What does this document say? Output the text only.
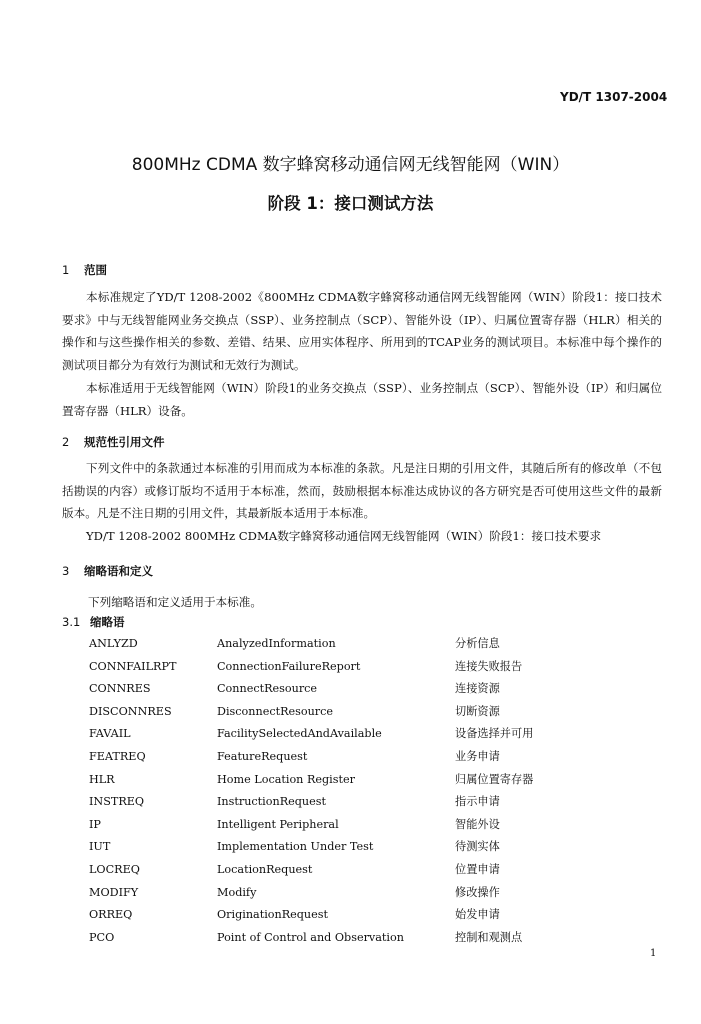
YD/T 1307-2004
800MHz CDMA 数字蜂窝移动通信网无线智能网（WIN）
阶段 1：接口测试方法
1 范围

本标准规定了YD/T 1208-2002《800MHz CDMA数字蜂窝移动通信网无线智能网（WIN）阶段1：接口技术要求》中与无线智能网业务交换点（SSP）、业务控制点（SCP）、智能外设（IP）、归属位置寄存器（HLR）相关的操作和与这些操作相关的参数、差错、结果、应用实体程序、所用到的TCAP业务的测试项目。本标准中每个操作的测试项目都分为有效行为测试和无效行为测试。

本标准适用于无线智能网（WIN）阶段1的业务交换点（SSP）、业务控制点（SCP）、智能外设（IP）和归属位置寄存器（HLR）设备。

2 规范性引用文件

下列文件中的条款通过本标准的引用而成为本标准的条款。凡是注日期的引用文件，其随后所有的修改单（不包括勘误的内容）或修订版均不适用于本标准，然而，鼓励根据本标准达成协议的各方研究是否可使用这些文件的最新版本。凡是不注日期的引用文件，其最新版本适用于本标准。

YD/T 1208-2002 800MHz CDMA数字蜂窝移动通信网无线智能网（WIN）阶段1：接口技术要求

3 缩略语和定义
下列缩略语和定义适用于本标准。
3.1 缩略语
ANLYZD	AnalyzedInformation	分析信息
CONNFAILRPT	ConnectionFailureReport	连接失败报告
CONNRES	ConnectResource	连接资源
DISCONNRES	DisconnectResource	切断资源
FAVAIL	FacilitySelectedAndAvailable	设备选择并可用
FEATREQ	FeatureRequest	业务申请
HLR	Home Location Register	归属位置寄存器
INSTREQ	InstructionRequest	指示申请
IP	Intelligent Peripheral	智能外设
IUT	Implementation Under Test	待测实体
LOCREQ	LocationRequest	位置申请
MODIFY	Modify	修改操作
ORREQ	OriginationRequest	始发申请
PCO	Point of Control and Observation	控制和观测点
1
